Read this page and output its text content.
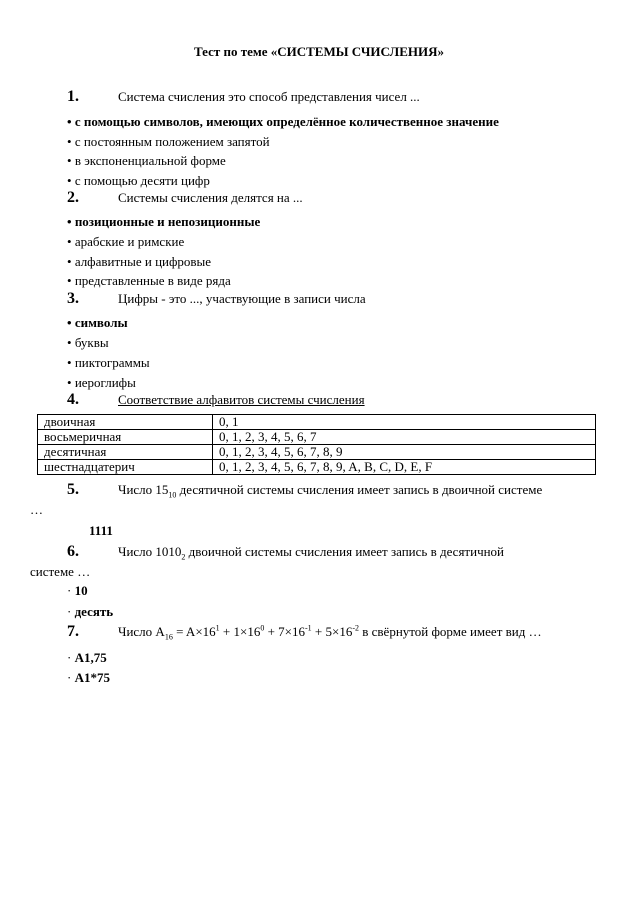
Тест по теме «СИСТЕМЫ СЧИСЛЕНИЯ»
1.	Система счисления это способ представления чисел ...
• с помощью символов, имеющих определённое количественное значение
• с постоянным положением запятой
• в экспоненциальной форме
• с помощью десяти цифр
2.	Системы счисления делятся на ...
• позиционные и непозиционные
• арабские и римские
• алфавитные и цифровые
• представленные в виде ряда
3.	Цифры - это ..., участвующие в записи числа
• символы
• буквы
• пиктограммы
• иероглифы
4.	Соответствие алфавитов системы счисления
двоичная	0, 1
восьмеричная	0, 1, 2, 3, 4, 5, 6, 7
десятичная	0, 1, 2, 3, 4, 5, 6, 7, 8, 9
шестнадцатерич	0, 1, 2, 3, 4, 5, 6, 7, 8, 9, A, B, C, D, E, F
5.	Число $15_{10}$ десятичной системы счисления имеет запись в двоичной системе
…
1111
6.	Число $1010_2$ двоичной системы счисления имеет запись в десятичной
системе …
· 10
· десять
7.	Число $A_{16} = A\times 16^1 + 1\times 16^0 + 7\times 16^{-1} + 5\times 16^{-2}$ в свёрнутой форме имеет вид …
· A1,75
· A1*75
